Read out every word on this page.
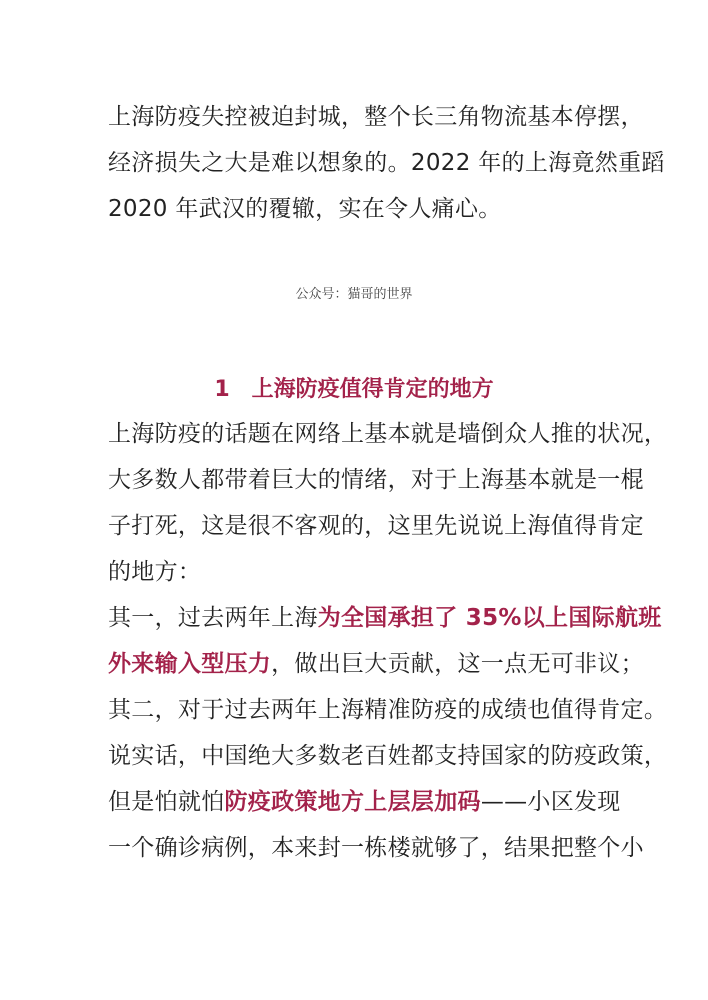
上海防疫失控被迫封城，整个长三角物流基本停摆，
经济损失之大是难以想象的。2022 年的上海竟然重蹈
2020 年武汉的覆辙，实在令人痛心。
公众号：猫哥的世界
1 上海防疫值得肯定的地方
上海防疫的话题在网络上基本就是墙倒众人推的状况，
大多数人都带着巨大的情绪，对于上海基本就是一棍
子打死，这是很不客观的，这里先说说上海值得肯定
的地方：
其一，过去两年上海为全国承担了 35%以上国际航班
外来输入型压力，做出巨大贡献，这一点无可非议；
其二，对于过去两年上海精准防疫的成绩也值得肯定。
说实话，中国绝大多数老百姓都支持国家的防疫政策，
但是怕就怕防疫政策地方上层层加码——小区发现
一个确诊病例，本来封一栋楼就够了，结果把整个小
